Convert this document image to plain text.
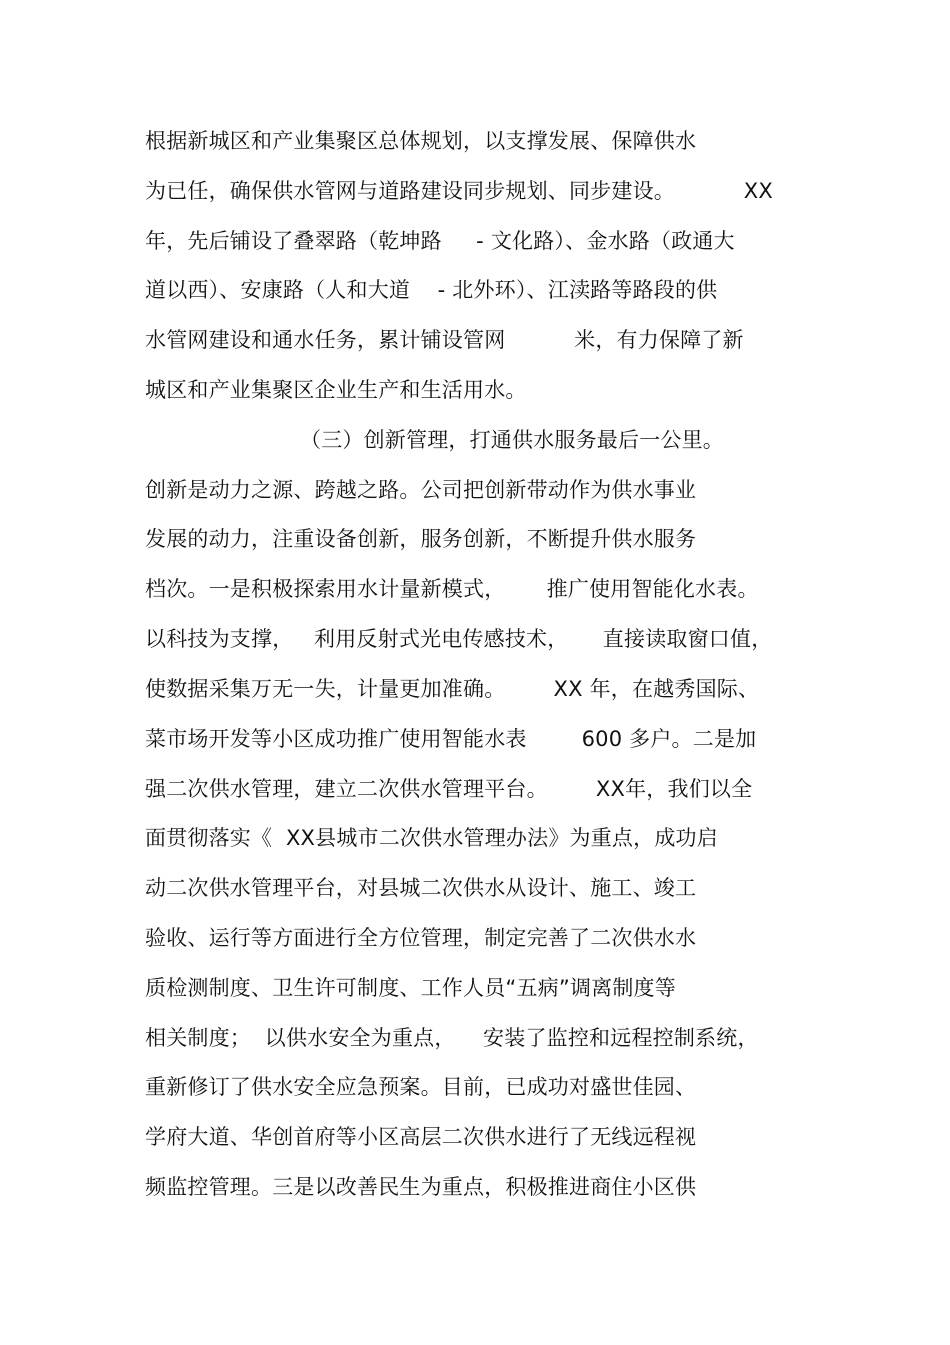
根据新城区和产业集聚区总体规划，以支撑发展、保障供水
为已任，确保供水管网与道路建设同步规划、同步建设。          XX
年，先后铺设了叠翠路（乾坤路     - 文化路）、金水路（政通大
道以西）、安康路（人和大道    - 北外环）、江渎路等路段的供
水管网建设和通水任务，累计铺设管网          米，有力保障了新
城区和产业集聚区企业生产和生活用水。
（三）创新管理，打通供水服务最后一公里。
创新是动力之源、跨越之路。公司把创新带动作为供水事业
发展的动力，注重设备创新，服务创新，不断提升供水服务
档次。一是积极探索用水计量新模式，      推广使用智能化水表。
以科技为支撑，   利用反射式光电传感技术，     直接读取窗口值，
使数据采集万无一失，计量更加准确。       XX 年，在越秀国际、
菜市场开发等小区成功推广使用智能水表        600 多户。二是加
强二次供水管理，建立二次供水管理平台。       XX年，我们以全
面贯彻落实《  XX县城市二次供水管理办法》为重点，成功启
动二次供水管理平台，对县城二次供水从设计、施工、竣工
验收、运行等方面进行全方位管理，制定完善了二次供水水
质检测制度、卫生许可制度、工作人员“五病”调离制度等
相关制度；  以供水安全为重点，    安装了监控和远程控制系统，
重新修订了供水安全应急预案。目前，已成功对盛世佳园、
学府大道、华创首府等小区高层二次供水进行了无线远程视
频监控管理。三是以改善民生为重点，积极推进商住小区供
